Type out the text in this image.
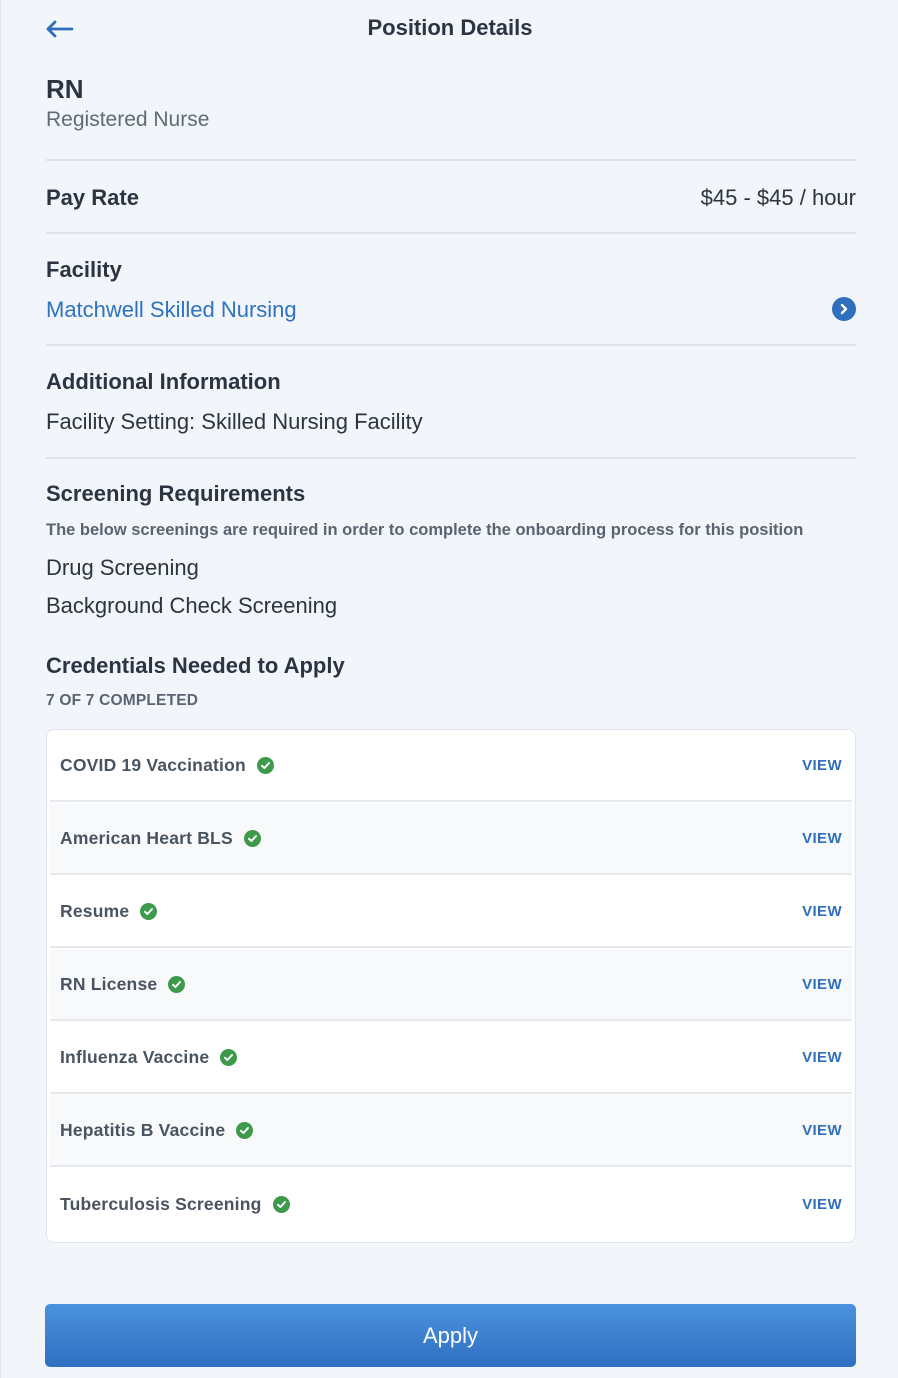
Position Details
RN
Registered Nurse
Pay Rate	$45 - $45 / hour
Facility
Matchwell Skilled Nursing
Additional Information
Facility Setting: Skilled Nursing Facility
Screening Requirements
The below screenings are required in order to complete the onboarding process for this position
Drug Screening
Background Check Screening
Credentials Needed to Apply
7 OF 7 COMPLETED
COVID 19 Vaccination	VIEW
American Heart BLS	VIEW
Resume	VIEW
RN License	VIEW
Influenza Vaccine	VIEW
Hepatitis B Vaccine	VIEW
Tuberculosis Screening	VIEW
Apply
